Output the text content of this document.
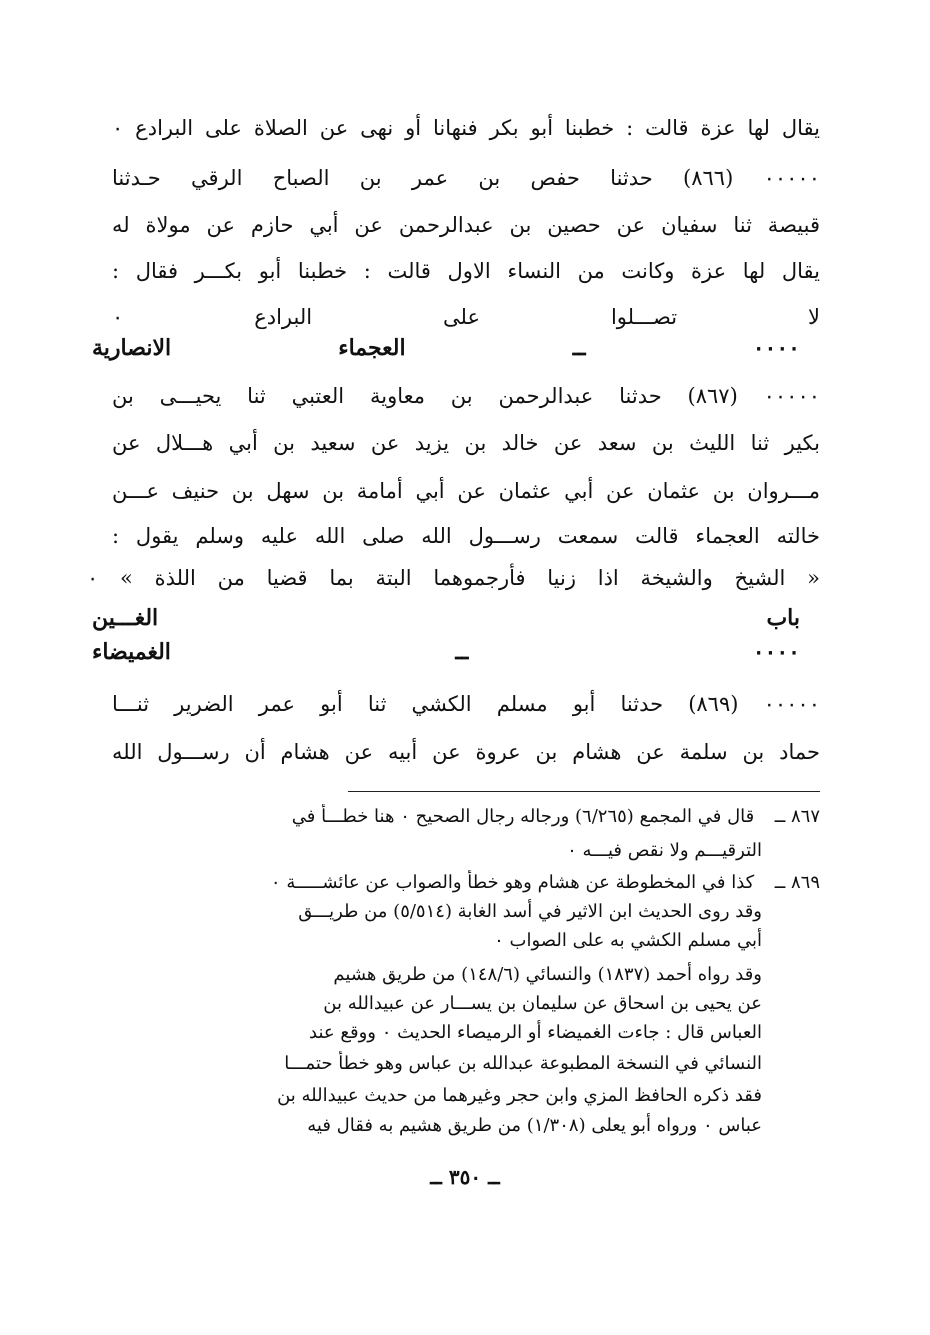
يقال لها عزة قالت : خطبنا أبو بكر فنهانا أو نهى عن الصلاة على البرادع ٠
٠٠٠٠٠ (٨٦٦) حدثنا حفص بن عمر بن الصباح الرقي حـدثنا
قبيصة ثنا سفيان عن حصين بن عبدالرحمن عن أبي حازم عن مولاة له
يقال لها عزة وكانت من النساء الاول قالت : خطبنا أبو بكـــر فقال :
لا تصـــلوا على البرادع ٠
٠٠٠٠ ــ العجماء الانصارية
٠٠٠٠٠ (٨٦٧) حدثنا عبدالرحمن بن معاوية العتبي ثنا يحيـــى بن
بكير ثنا الليث بن سعد عن خالد بن يزيد عن سعيد بن أبي هـــلال عن
مـــروان بن عثمان عن أبي عثمان عن أبي أمامة بن سهل بن حنيف عـــن
خالته العجماء قالت سمعت رســـول الله صلى الله عليه وسلم يقول :
« الشيخ والشيخة اذا زنيا فأرجموهما البتة بما قضيا من اللذة » ٠
باب الغـــين
٠٠٠٠ ــ الغميضاء
٠٠٠٠٠ (٨٦٩) حدثنا أبو مسلم الكشي ثنا أبو عمر الضرير ثنـــا
حماد بن سلمة عن هشام بن عروة عن أبيه عن هشام أن رســـول الله
٨٦٧ ــ قال في المجمع (٦/٢٦٥) ورجاله رجال الصحيح ٠ هنا خطـــأ في
الترقيـــم ولا نقص فيـــه ٠
٨٦٩ ــ كذا في المخطوطة عن هشام وهو خطأ والصواب عن عائشـــــة ٠
وقد روى الحديث ابن الاثير في أسد الغابة (٥/٥١٤) من طريـــق
أبي مسلم الكشي به على الصواب ٠
وقد رواه أحمد (١٨٣٧) والنسائي (١٤٨/٦) من طريق هشيم
عن يحيى بن اسحاق عن سليمان بن يســـار عن عبيدالله بن
العباس قال : جاءت الغميضاء أو الرميصاء الحديث ٠ ووقع عند
النسائي في النسخة المطبوعة عبدالله بن عباس وهو خطأ حتمـــا
فقد ذكره الحافظ المزي وابن حجر وغيرهما من حديث عبيدالله بن
عباس ٠ ورواه أبو يعلى (١/٣٠٨) من طريق هشيم به فقال فيه
ــ ٣٥٠ ــ
